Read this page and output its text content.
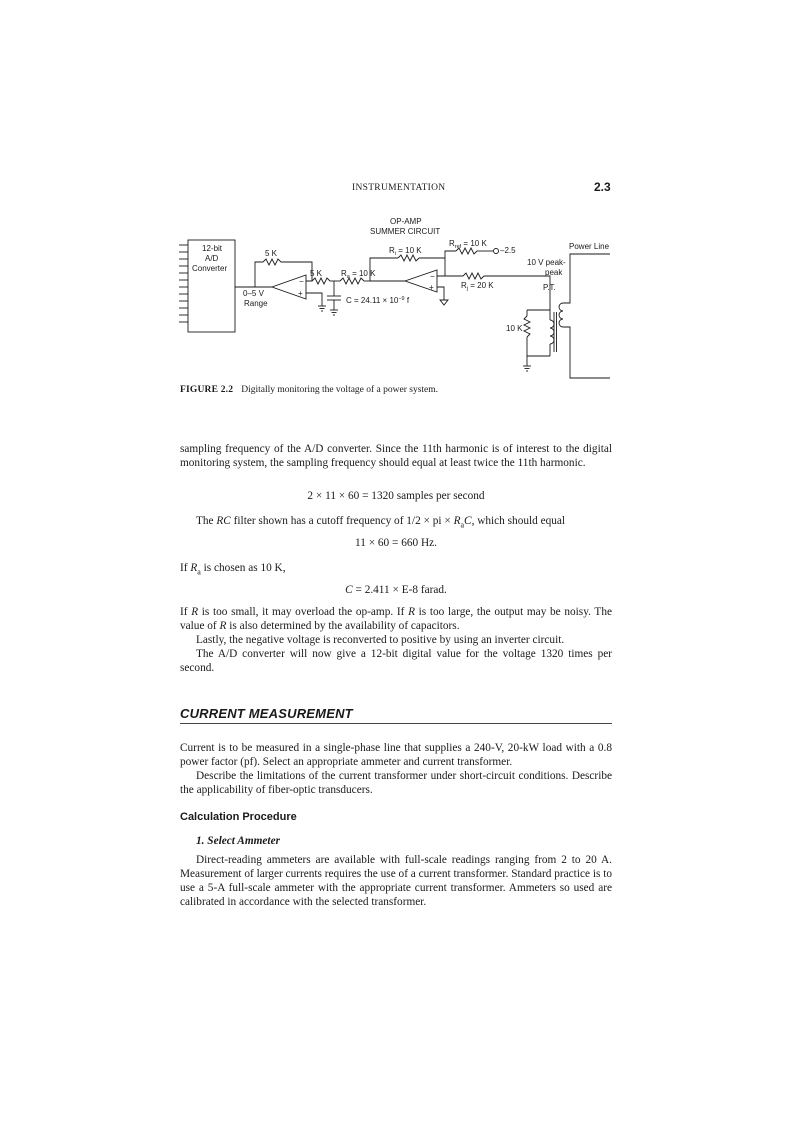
INSTRUMENTATION	2.3
−
+
−
+
OP-AMP
SUMMER CIRCUIT
12-bit
A/D
Converter
0–5 V
Range
5 K
5 K $R_a = 10$ K
$R_i = 10$ K
$R_{ref} = 10$ K
–2.5
$R_j = 20$ K
$C = 24.11 \times 10^{-9}$ f
Power Line
10 V peak-
peak
P.T.
10 K
FIGURE 2.2 Digitally monitoring the voltage of a power system.
sampling frequency of the A/D converter. Since the 11th harmonic is of interest to the digital monitoring system, the sampling frequency should equal at least twice the 11th harmonic.
2 × 11 × 60 = 1320 samples per second
The RC filter shown has a cutoff frequency of 1/2 × pi × $R_aC$, which should equal
11 × 60 = 660 Hz.
If $R_a$ is chosen as 10 K,
C = 2.411 × E-8 farad.
If R is too small, it may overload the op-amp. If R is too large, the output may be noisy. The value of R is also determined by the availability of capacitors.
Lastly, the negative voltage is reconverted to positive by using an inverter circuit.
The A/D converter will now give a 12-bit digital value for the voltage 1320 times per second.
CURRENT MEASUREMENT
Current is to be measured in a single-phase line that supplies a 240-V, 20-kW load with a 0.8 power factor (pf). Select an appropriate ammeter and current transformer.
Describe the limitations of the current transformer under short-circuit conditions. Describe the applicability of fiber-optic transducers.
Calculation Procedure
1. Select Ammeter
Direct-reading ammeters are available with full-scale readings ranging from 2 to 20 A. Measurement of larger currents requires the use of a current transformer. Standard practice is to use a 5-A full-scale ammeter with the appropriate current transformer. Ammeters so used are calibrated in accordance with the selected transformer.
